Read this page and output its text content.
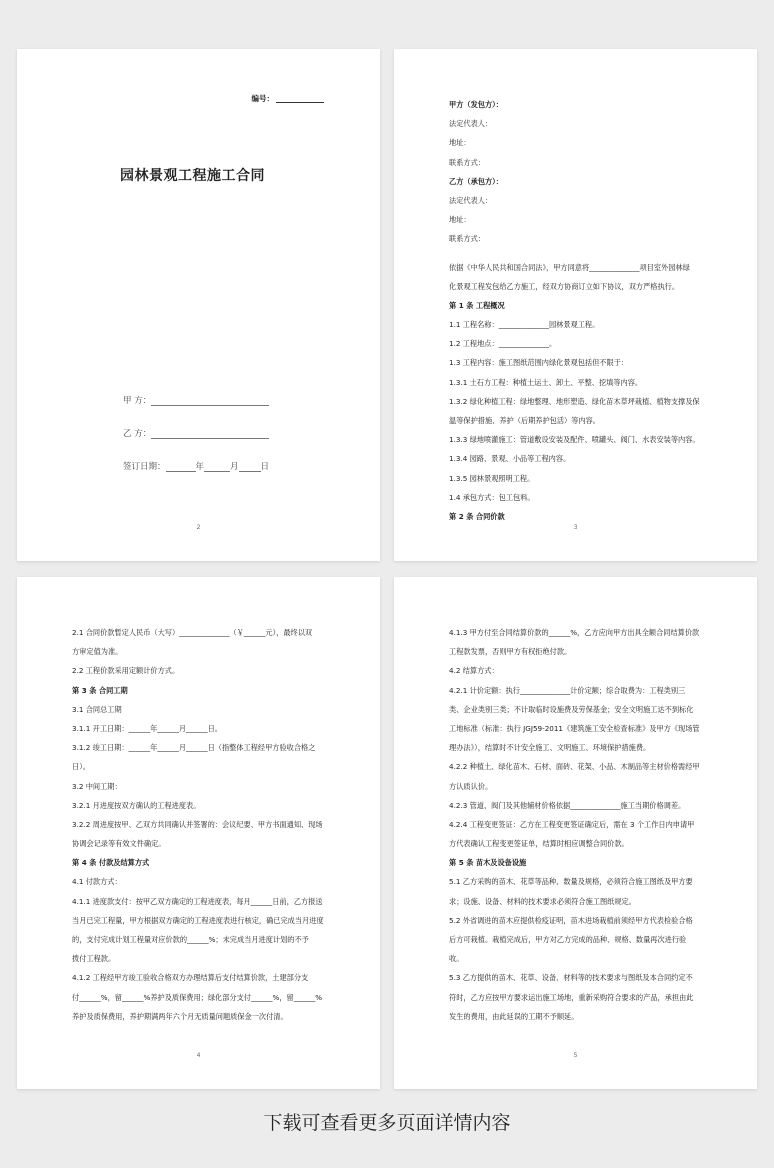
编号：
园林景观工程施工合同
甲 方：
乙 方：
签订日期：	年	月	日
2
甲方（发包方）：
法定代表人：
地址：
联系方式：
乙方（承包方）：
法定代表人：
地址：
联系方式：
依据《中华人民共和国合同法》，甲方同意将______________项目室外园林绿
化景观工程发包给乙方施工，经双方协商订立如下协议，双方严格执行。
第 1 条 工程概况
1.1 工程名称：______________园林景观工程。
1.2 工程地点：______________。
1.3 工程内容：施工图纸范围内绿化景观包括但不限于：
1.3.1 土石方工程：种植土运土、卸土、平整、挖填等内容。
1.3.2 绿化种植工程：绿地整理、地形塑造、绿化苗木草坪栽植、植物支撑及保
温等保护措施、养护（后期养护包活）等内容。
1.3.3 绿地喷灌施工：管道敷设安装及配件、喷罐头、阀门、水表安装等内容。
1.3.4 园路、景观、小品等工程内容。
1.3.5 园林景观照明工程。
1.4 承包方式：包工包料。
第 2 条 合同价款
3
2.1 合同价款暂定人民币（大写）______________（￥______元），最终以双
方审定值为准。
2.2 工程价款采用定额计价方式。
第 3 条 合同工期
3.1 合同总工期
3.1.1 开工日期：______年______月______日。
3.1.2 竣工日期：______年______月______日（指整体工程经甲方验收合格之
日）。
3.2 中间工期：
3.2.1 月进度按双方确认的工程进度表。
3.2.2 周进度按甲、乙双方共同确认并签署的：会议纪要、甲方书面通知、现场
协调会记录等有效文件确定。
第 4 条 付款及结算方式
4.1 付款方式：
4.1.1 进度款支付：按甲乙双方确定的工程进度表，每月______日前，乙方报送
当月已完工程量，甲方根据双方确定的工程进度表进行核定，确已完成当月进度
的，支付完成计划工程量对应价款的______%；未完成当月进度计划的不予
拨付工程款。
4.1.2 工程经甲方竣工验收合格双方办理结算后支付结算价款，土建部分支
付______%，留______%养护及质保费用；绿化部分支付______%，留______%
养护及质保费用，养护期满两年六个月无质量问题质保金一次付清。
4
4.1.3 甲方付至合同结算价款的______%，乙方应向甲方出具全额合同结算价款
工程款发票，否则甲方有权拒绝付款。
4.2 结算方式：
4.2.1 计价定额：执行______________计价定额；综合取费为：工程类别三
类、企业类别三类；不计取临时设施费及劳保基金；安全文明施工达不到标化
工地标准（标准：执行 JGJ59-2011《建筑施工安全检查标准》及甲方《现场管
理办法》），结算时不计安全施工、文明施工、环境保护措施费。
4.2.2 种植土、绿化苗木、石材、面砖、花架、小品、木制品等主材价格需经甲
方认质认价。
4.2.3 管道、阀门及其他辅材价格依据______________施工当期价格调差。
4.2.4 工程变更签证：乙方在工程变更签证确定后，需在 3 个工作日内申请甲
方代表确认工程变更签证单，结算时相应调整合同价款。
第 5 条 苗木及设备设施
5.1 乙方采购的苗木、花草等品种、数量及规格，必须符合施工图纸及甲方要
求；设施、设备、材料的技术要求必须符合施工图纸规定。
5.2 外省调进的苗木应提供检疫证明，苗木进场栽植前须经甲方代表检验合格
后方可栽植。栽植完成后，甲方对乙方完成的品种、规格、数量再次进行验
收。
5.3 乙方提供的苗木、花草、设备、材料等的技术要求与图纸及本合同约定不
符时，乙方应按甲方要求运出施工场地，重新采购符合要求的产品，承担由此
发生的费用，由此延误的工期不予顺延。
5
下载可查看更多页面详情内容
